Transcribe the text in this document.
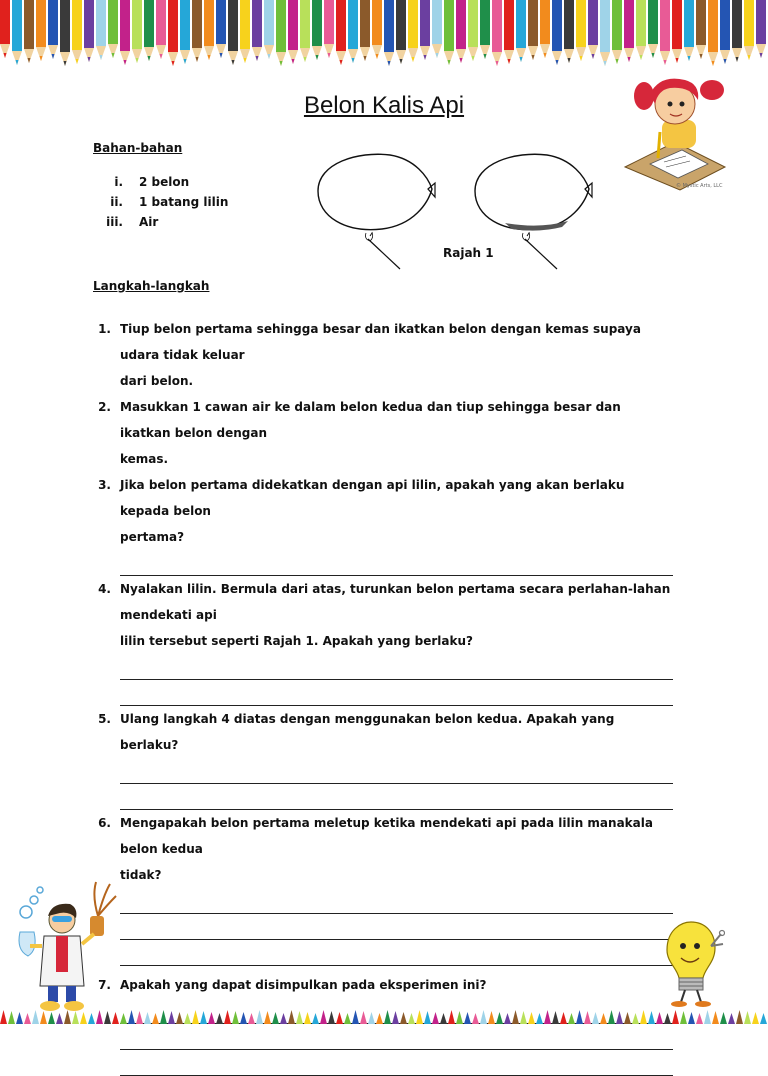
Belon Kalis Api
© Mystic Arts, LLC
Bahan-bahan
i. 2 belon
ii. 1 batang lilin
iii. Air
Rajah 1
Langkah-langkah
1. Tiup belon pertama sehingga besar dan ikatkan belon dengan kemas supaya udara tidak keluar
dari belon.
2. Masukkan 1 cawan air ke dalam belon kedua dan tiup sehingga besar dan ikatkan belon dengan
kemas.
3. Jika belon pertama didekatkan dengan api lilin, apakah yang akan berlaku kepada belon
pertama?
4. Nyalakan lilin. Bermula dari atas, turunkan belon pertama secara perlahan-lahan mendekati api
lilin tersebut seperti Rajah 1. Apakah yang berlaku?
5. Ulang langkah 4 diatas dengan menggunakan belon kedua. Apakah yang berlaku?
6. Mengapakah belon pertama meletup ketika mendekati api pada lilin manakala belon kedua
tidak?
7. Apakah yang dapat disimpulkan pada eksperimen ini?
